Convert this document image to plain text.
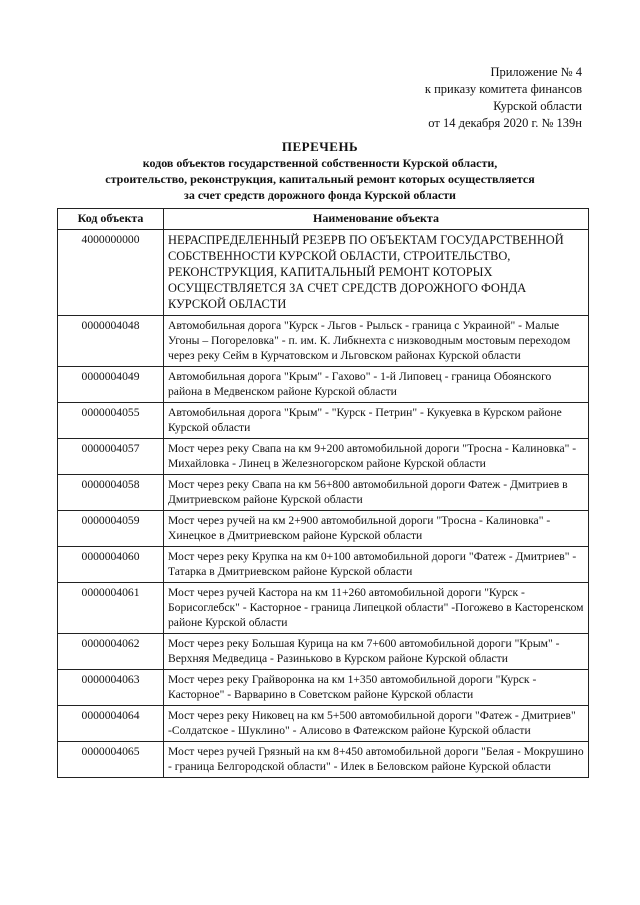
Приложение № 4
к приказу комитета финансов
Курской области
от 14 декабря 2020 г. № 139н
ПЕРЕЧЕНЬ
кодов объектов государственной собственности Курской области,
строительство, реконструкция, капитальный ремонт которых осуществляется
за счет средств дорожного фонда Курской области
Код объекта	Наименование объекта
4000000000	НЕРАСПРЕДЕЛЕННЫЙ РЕЗЕРВ ПО ОБЪЕКТАМ ГОСУДАРСТВЕННОЙ СОБСТВЕННОСТИ КУРСКОЙ ОБЛАСТИ, СТРОИТЕЛЬСТВО, РЕКОНСТРУКЦИЯ, КАПИТАЛЬНЫЙ РЕМОНТ КОТОРЫХ ОСУЩЕСТВЛЯЕТСЯ ЗА СЧЕТ СРЕДСТВ ДОРОЖНОГО ФОНДА КУРСКОЙ ОБЛАСТИ
0000004048	Автомобильная дорога "Курск - Льгов - Рыльск - граница с Украиной" - Малые Угоны – Погореловка" - п. им. К. Либкнехта с низководным мостовым переходом через реку Сейм в Курчатовском и Льговском районах Курской области
0000004049	Автомобильная дорога "Крым" - Гахово" - 1-й Липовец - граница Обоянского района в Медвенском районе Курской области
0000004055	Автомобильная дорога "Крым" - "Курск - Петрин" - Кукуевка в Курском районе Курской области
0000004057	Мост через реку Свапа на км 9+200 автомобильной дороги "Тросна - Калиновка" - Михайловка - Линец в Железногорском районе Курской области
0000004058	Мост через реку Свапа на км 56+800 автомобильной дороги Фатеж - Дмитриев в Дмитриевском районе Курской области
0000004059	Мост через ручей на км 2+900 автомобильной дороги "Тросна - Калиновка" - Хинецкое в Дмитриевском районе Курской области
0000004060	Мост через реку Крупка на км 0+100 автомобильной дороги "Фатеж - Дмитриев" - Татарка в Дмитриевском районе Курской области
0000004061	Мост через ручей Кастора на км 11+260 автомобильной дороги "Курск - Борисоглебск" - Касторное - граница Липецкой области" -Погожево в Касторенском районе Курской области
0000004062	Мост через реку Большая Курица на км 7+600 автомобильной дороги "Крым" - Верхняя Медведица - Разиньково в Курском районе Курской области
0000004063	Мост через реку Грайворонка на км 1+350 автомобильной дороги "Курск - Касторное" - Варварино в Советском районе Курской области
0000004064	Мост через реку Никовец на км 5+500 автомобильной дороги "Фатеж - Дмитриев" -Солдатское - Шуклино" - Алисово в Фатежском районе Курской области
0000004065	Мост через ручей Грязный на км 8+450 автомобильной дороги "Белая - Мокрушино - граница Белгородской области" - Илек в Беловском районе Курской области
